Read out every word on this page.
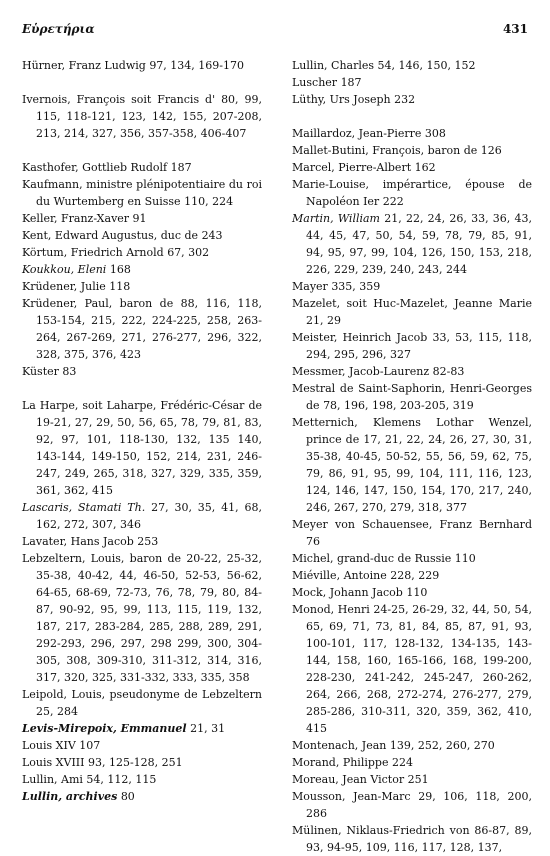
Εὑρετήρια	431

Hürner, Franz Ludwig 97, 134, 169-170

Ivernois, François soit Francis d' 80, 99, 115, 118-121, 123, 142, 155, 207-208, 213, 214, 327, 356, 357-358, 406-407

Kasthofer, Gottlieb Rudolf 187

Kaufmann, ministre plénipotentiaire du roi du Wurtemberg en Suisse 110, 224

Keller, Franz-Xaver 91

Kent, Edward Augustus, duc de 243

Körtum, Friedrich Arnold 67, 302

Koukkou, Eleni 168

Krüdener, Julie 118

Krüdener, Paul, baron de 88, 116, 118, 153-154, 215, 222, 224-225, 258, 263-264, 267-269, 271, 276-277, 296, 322, 328, 375, 376, 423

Küster 83

La Harpe, soit Laharpe, Frédéric-César de 19-21, 27, 29, 50, 56, 65, 78, 79, 81, 83, 92, 97, 101, 118-130, 132, 135 140, 143-144, 149-150, 152, 214, 231, 246-247, 249, 265, 318, 327, 329, 335, 359, 361, 362, 415

Lascaris, Stamati Th. 27, 30, 35, 41, 68, 162, 272, 307, 346

Lavater, Hans Jacob 253

Lebzeltern, Louis, baron de 20-22, 25-32, 35-38, 40-42, 44, 46-50, 52-53, 56-62, 64-65, 68-69, 72-73, 76, 78, 79, 80, 84-87, 90-92, 95, 99, 113, 115, 119, 132, 187, 217, 283-284, 285, 288, 289, 291, 292-293, 296, 297, 298 299, 300, 304-305, 308, 309-310, 311-312, 314, 316, 317, 320, 325, 331-332, 333, 335, 358

Leipold, Louis, pseudonyme de Lebzeltern 25, 284

Levis-Mirepoix, Emmanuel 21, 31

Louis XIV 107

Louis XVIII 93, 125-128, 251

Lullin, Ami 54, 112, 115

Lullin, archives 80

Lullin, Charles 54, 146, 150, 152

Luscher 187

Lüthy, Urs Joseph 232

Maillardoz, Jean-Pierre 308

Mallet-Butini, François, baron de 126

Marcel, Pierre-Albert 162

Marie-Louise, impérartice, épouse de Napoléon Ier 222

Martin, William 21, 22, 24, 26, 33, 36, 43, 44, 45, 47, 50, 54, 59, 78, 79, 85, 91, 94, 95, 97, 99, 104, 126, 150, 153, 218, 226, 229, 239, 240, 243, 244

Mayer 335, 359

Mazelet, soit Huc-Mazelet, Jeanne Marie 21, 29

Meister, Heinrich Jacob 33, 53, 115, 118, 294, 295, 296, 327

Messmer, Jacob-Laurenz 82-83

Mestral de Saint-Saphorin, Henri-Georges de 78, 196, 198, 203-205, 319

Metternich, Klemens Lothar Wenzel, prince de 17, 21, 22, 24, 26, 27, 30, 31, 35-38, 40-45, 50-52, 55, 56, 59, 62, 75, 79, 86, 91, 95, 99, 104, 111, 116, 123, 124, 146, 147, 150, 154, 170, 217, 240, 246, 267, 270, 279, 318, 377

Meyer von Schauensee, Franz Bernhard 76

Michel, grand-duc de Russie 110

Miéville, Antoine 228, 229

Mock, Johann Jacob 110

Monod, Henri 24-25, 26-29, 32, 44, 50, 54, 65, 69, 71, 73, 81, 84, 85, 87, 91, 93, 100-101, 117, 128-132, 134-135, 143-144, 158, 160, 165-166, 168, 199-200, 228-230, 241-242, 245-247, 260-262, 264, 266, 268, 272-274, 276-277, 279, 285-286, 310-311, 320, 359, 362, 410, 415

Montenach, Jean 139, 252, 260, 270

Morand, Philippe 224

Moreau, Jean Victor 251

Mousson, Jean-Marc 29, 106, 118, 200, 286

Mülinen, Niklaus-Friedrich von 86-87, 89, 93, 94-95, 109, 116, 117, 128, 137,
